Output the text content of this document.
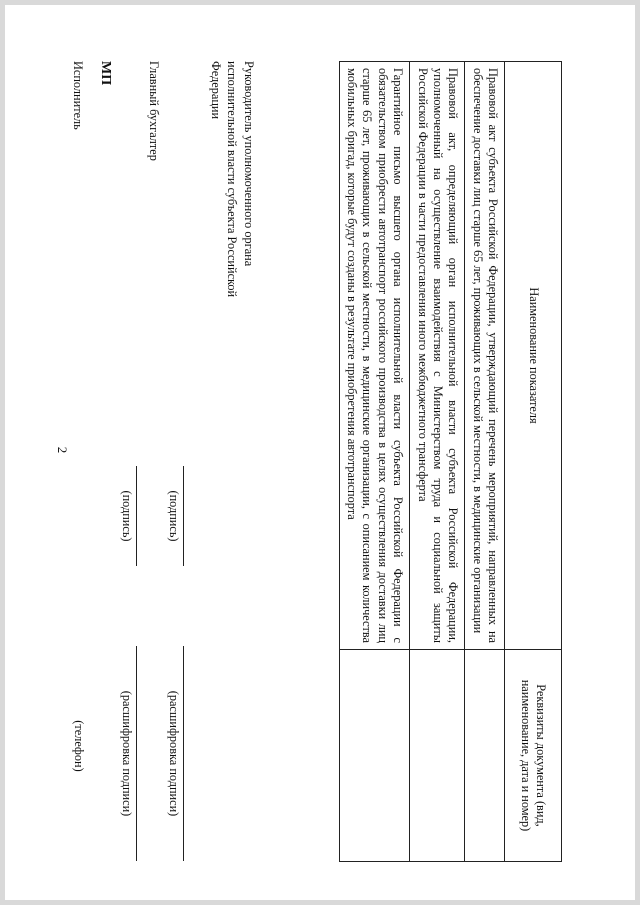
2
Наименование показателя	Реквизиты документа (вид, наименование, дата и номер)
Правовой акт субъекта Российской Федерации, утверждающий перечень мероприятий, направленных на обеспечение доставки лиц старше 65 лет, проживающих в сельской местности, в медицинские организации	
Правовой акт, определяющий орган исполнительной власти субъекта Российской Федерации, уполномоченный на осуществление взаимодействия с Министерством труда и социальной защиты Российской Федерации в части предоставления иного межбюджетного трансферта	
Гарантийное письмо высшего органа исполнительной власти субъекта Российской Федерации с обязательством приобрести автотранспорт российского производства в целях осуществления доставки лиц старше 65 лет, проживающих в сельской местности, в медицинские организации, с описанием количества мобильных бригад, которые будут созданы в результате приобретения автотранспорта	
Руководитель уполномоченного органа исполнительной власти субъекта Российской Федерации
(подпись)
(расшифровка подписи)
Главный бухгалтер
(подпись)
(расшифровка подписи)
МП
Исполнитель
(телефон)
